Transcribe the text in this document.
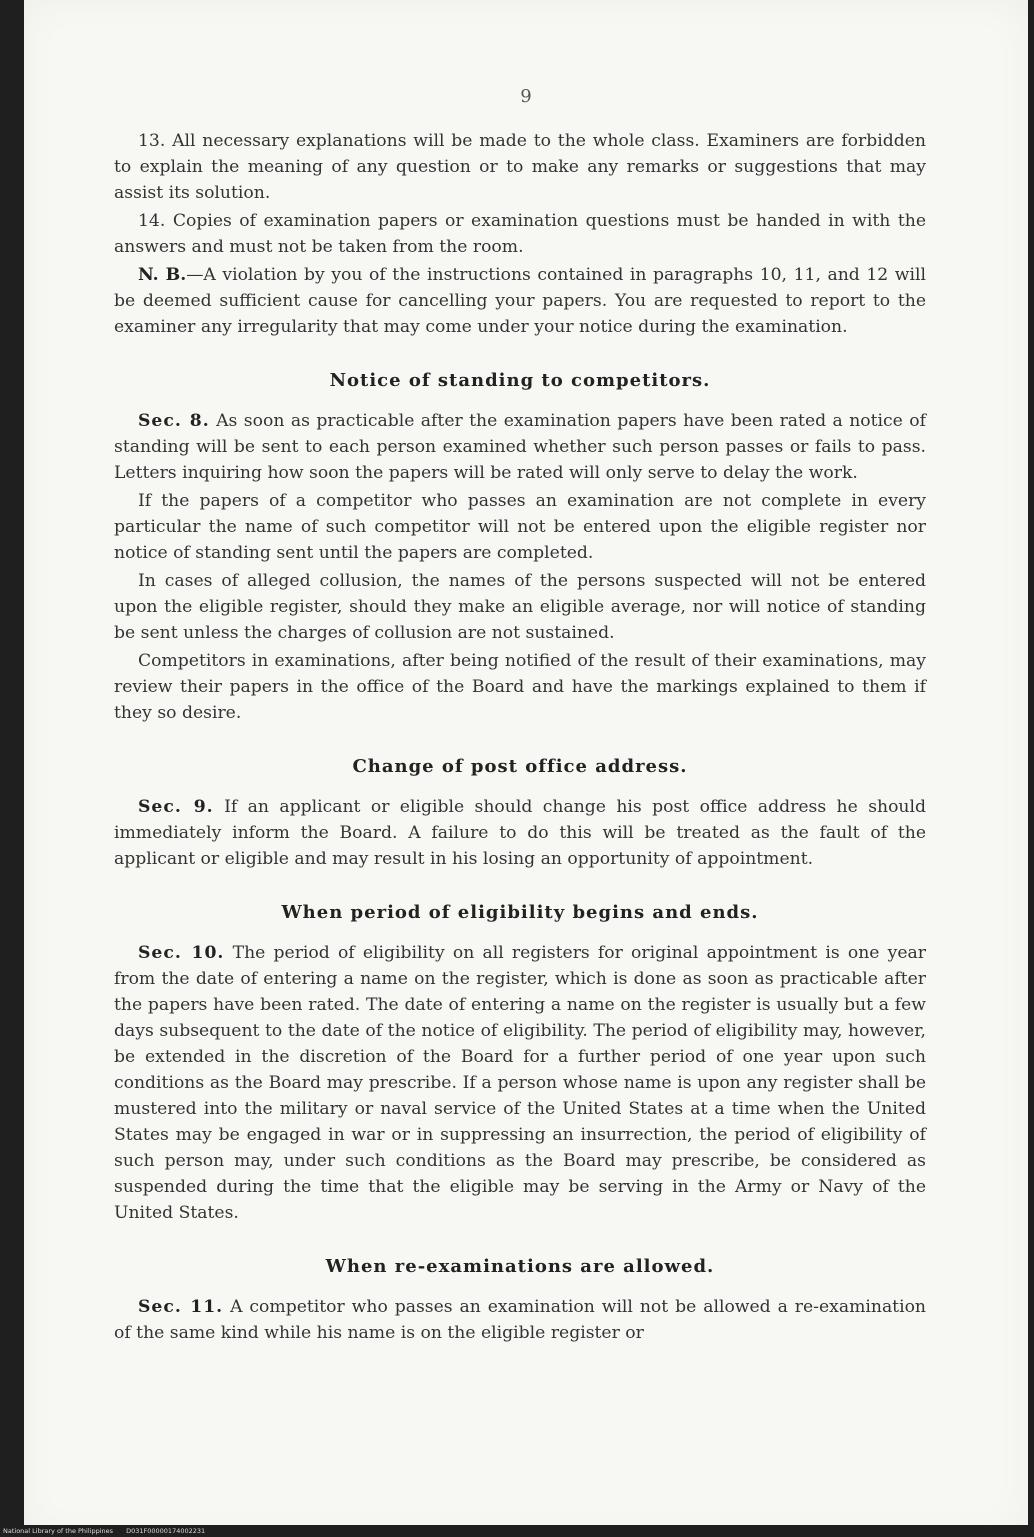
9

13. All necessary explanations will be made to the whole class. Examiners are forbidden to explain the meaning of any question or to make any remarks or suggestions that may assist its solution.

14. Copies of examination papers or examination questions must be handed in with the answers and must not be taken from the room.

N. B.—A violation by you of the instructions contained in paragraphs 10, 11, and 12 will be deemed sufficient cause for cancelling your papers. You are requested to report to the examiner any irregularity that may come under your notice during the examination.

Notice of standing to competitors.

Sec. 8. As soon as practicable after the examination papers have been rated a notice of standing will be sent to each person examined whether such person passes or fails to pass. Letters inquiring how soon the papers will be rated will only serve to delay the work.

If the papers of a competitor who passes an examination are not complete in every particular the name of such competitor will not be entered upon the eligible register nor notice of standing sent until the papers are completed.

In cases of alleged collusion, the names of the persons suspected will not be entered upon the eligible register, should they make an eligible average, nor will notice of standing be sent unless the charges of collusion are not sustained.

Competitors in examinations, after being notified of the result of their examinations, may review their papers in the office of the Board and have the markings explained to them if they so desire.

Change of post office address.

Sec. 9. If an applicant or eligible should change his post office address he should immediately inform the Board. A failure to do this will be treated as the fault of the applicant or eligible and may result in his losing an opportunity of appointment.

When period of eligibility begins and ends.

Sec. 10. The period of eligibility on all registers for original appointment is one year from the date of entering a name on the register, which is done as soon as practicable after the papers have been rated. The date of entering a name on the register is usually but a few days subsequent to the date of the notice of eligibility. The period of eligibility may, however, be extended in the discretion of the Board for a further period of one year upon such conditions as the Board may prescribe. If a person whose name is upon any register shall be mustered into the military or naval service of the United States at a time when the United States may be engaged in war or in suppressing an insurrection, the period of eligibility of such person may, under such conditions as the Board may prescribe, be considered as suspended during the time that the eligible may be serving in the Army or Navy of the United States.

When re-examinations are allowed.

Sec. 11. A competitor who passes an examination will not be allowed a re-examination of the same kind while his name is on the eligible register or

National Library of the Philippines D031F00000174002231
